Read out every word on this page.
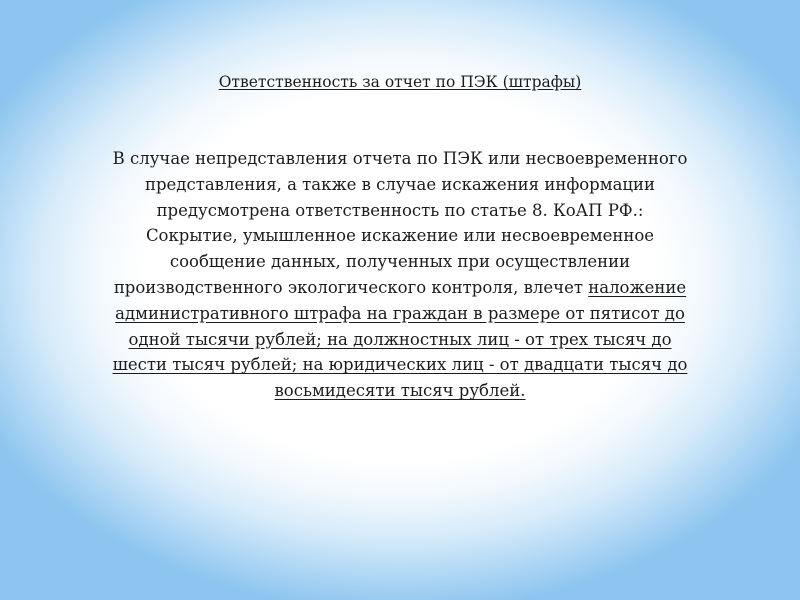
Ответственность за отчет по ПЭК (штрафы)

В случае непредставления отчета по ПЭК или несвоевременного
представления, а также в случае искажения информации
предусмотрена ответственность по статье 8. КоАП РФ.:
Сокрытие, умышленное искажение или несвоевременное
сообщение данных, полученных при осуществлении
производственного экологического контроля, влечет наложение
административного штрафа на граждан в размере от пятисот до
одной тысячи рублей; на должностных лиц - от трех тысяч до
шести тысяч рублей; на юридических лиц - от двадцати тысяч до
восьмидесяти тысяч рублей.
